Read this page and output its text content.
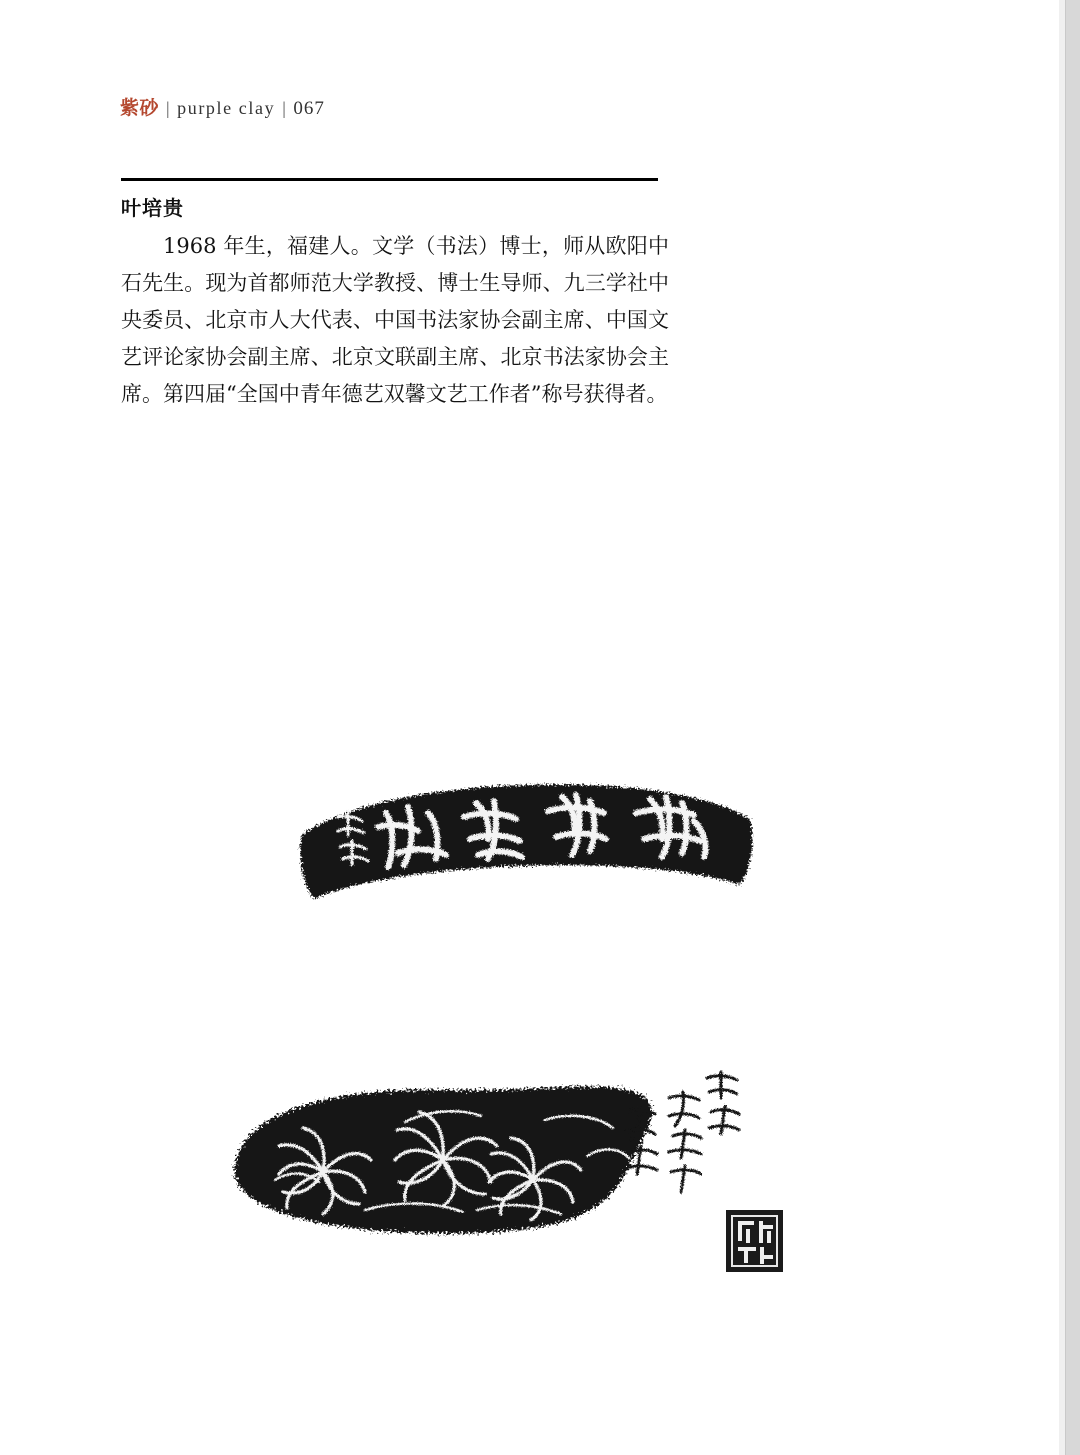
紫砂 | purple clay | 067
叶培贵
1968 年生，福建人。文学（书法）博士，师从欧阳中石先生。现为首都师范大学教授、博士生导师、九三学社中央委员、北京市人大代表、中国书法家协会副主席、中国文艺评论家协会副主席、北京文联副主席、北京书法家协会主席。第四届“全国中青年德艺双馨文艺工作者”称号获得者。
